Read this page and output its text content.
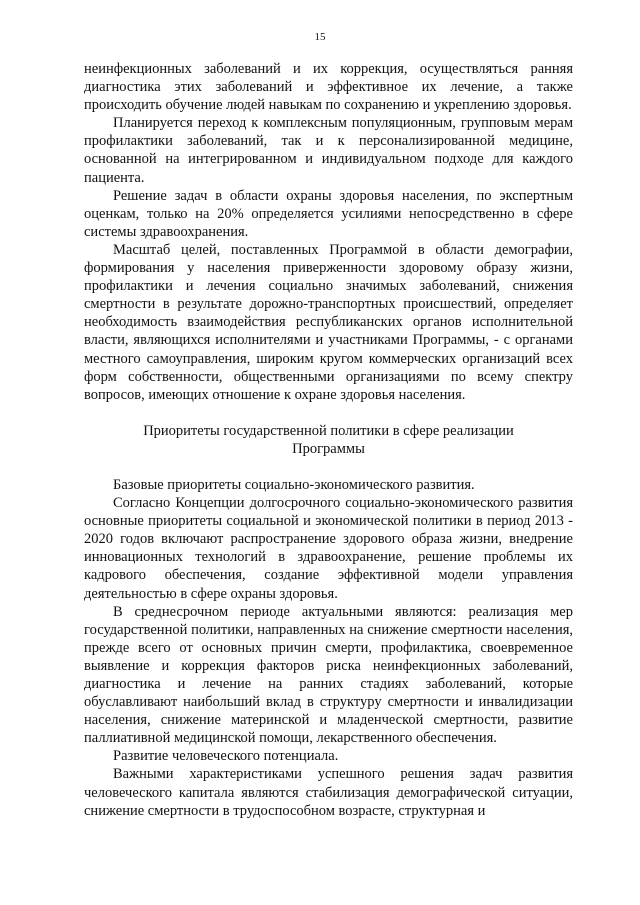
15

неинфекционных заболеваний и их коррекция, осуществляться ранняя диагностика этих заболеваний и эффективное их лечение, а также происходить обучение людей навыкам по сохранению и укреплению здоровья.

Планируется переход к комплексным популяционным, групповым мерам профилактики заболеваний, так и к персонализированной медицине, основанной на интегрированном и индивидуальном подходе для каждого пациента.

Решение задач в области охраны здоровья населения, по экспертным оценкам, только на 20% определяется усилиями непосредственно в сфере системы здравоохранения.

Масштаб целей, поставленных Программой в области демографии, формирования у населения приверженности здоровому образу жизни, профилактики и лечения социально значимых заболеваний, снижения смертности в результате дорожно-транспортных происшествий, определяет необходимость взаимодействия республиканских органов исполнительной власти, являющихся исполнителями и участниками Программы, - с органами местного самоуправления, широким кругом коммерческих организаций всех форм собственности, общественными организациями по всему спектру вопросов, имеющих отношение к охране здоровья населения.

Приоритеты государственной политики в сфере реализации

Программы

Базовые приоритеты социально-экономического развития.

Согласно Концепции долгосрочного социально-экономического развития основные приоритеты социальной и экономической политики в период 2013 - 2020 годов включают распространение здорового образа жизни, внедрение инновационных технологий в здравоохранение, решение проблемы их кадрового обеспечения, создание эффективной модели управления деятельностью в сфере охраны здоровья.

В среднесрочном периоде актуальными являются: реализация мер государственной политики, направленных на снижение смертности населения, прежде всего от основных причин смерти, профилактика, своевременное выявление и коррекция факторов риска неинфекционных заболеваний, диагностика и лечение на ранних стадиях заболеваний, которые обуславливают наибольший вклад в структуру смертности и инвалидизации населения, снижение материнской и младенческой смертности, развитие паллиативной медицинской помощи, лекарственного обеспечения.

Развитие человеческого потенциала.

Важными характеристиками успешного решения задач развития человеческого капитала являются стабилизация демографической ситуации, снижение смертности в трудоспособном возрасте, структурная и
